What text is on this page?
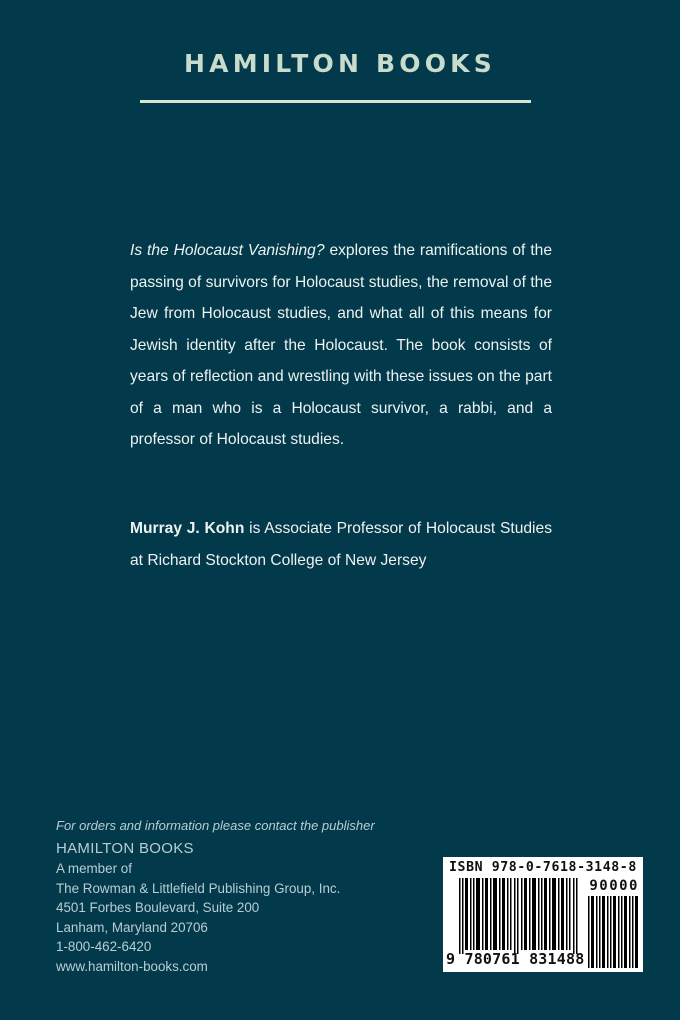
HAMILTON BOOKS

Is the Holocaust Vanishing? explores the ramifications of the passing of survivors for Holocaust studies, the removal of the Jew from Holocaust studies, and what all of this means for Jewish identity after the Holocaust. The book consists of years of reflection and wrestling with these issues on the part of a man who is a Holocaust survivor, a rabbi, and a professor of Holocaust studies.

Murray J. Kohn is Associate Professor of Holocaust Studies at Richard Stockton College of New Jersey

For orders and information please contact the publisher

HAMILTON BOOKS

A member of

The Rowman & Littlefield Publishing Group, Inc.

4501 Forbes Boulevard, Suite 200

Lanham, Maryland 20706

1-800-462-6420

www.hamilton-books.com

ISBN 978-0-7618-3148-8
90000
9 780761 831488
